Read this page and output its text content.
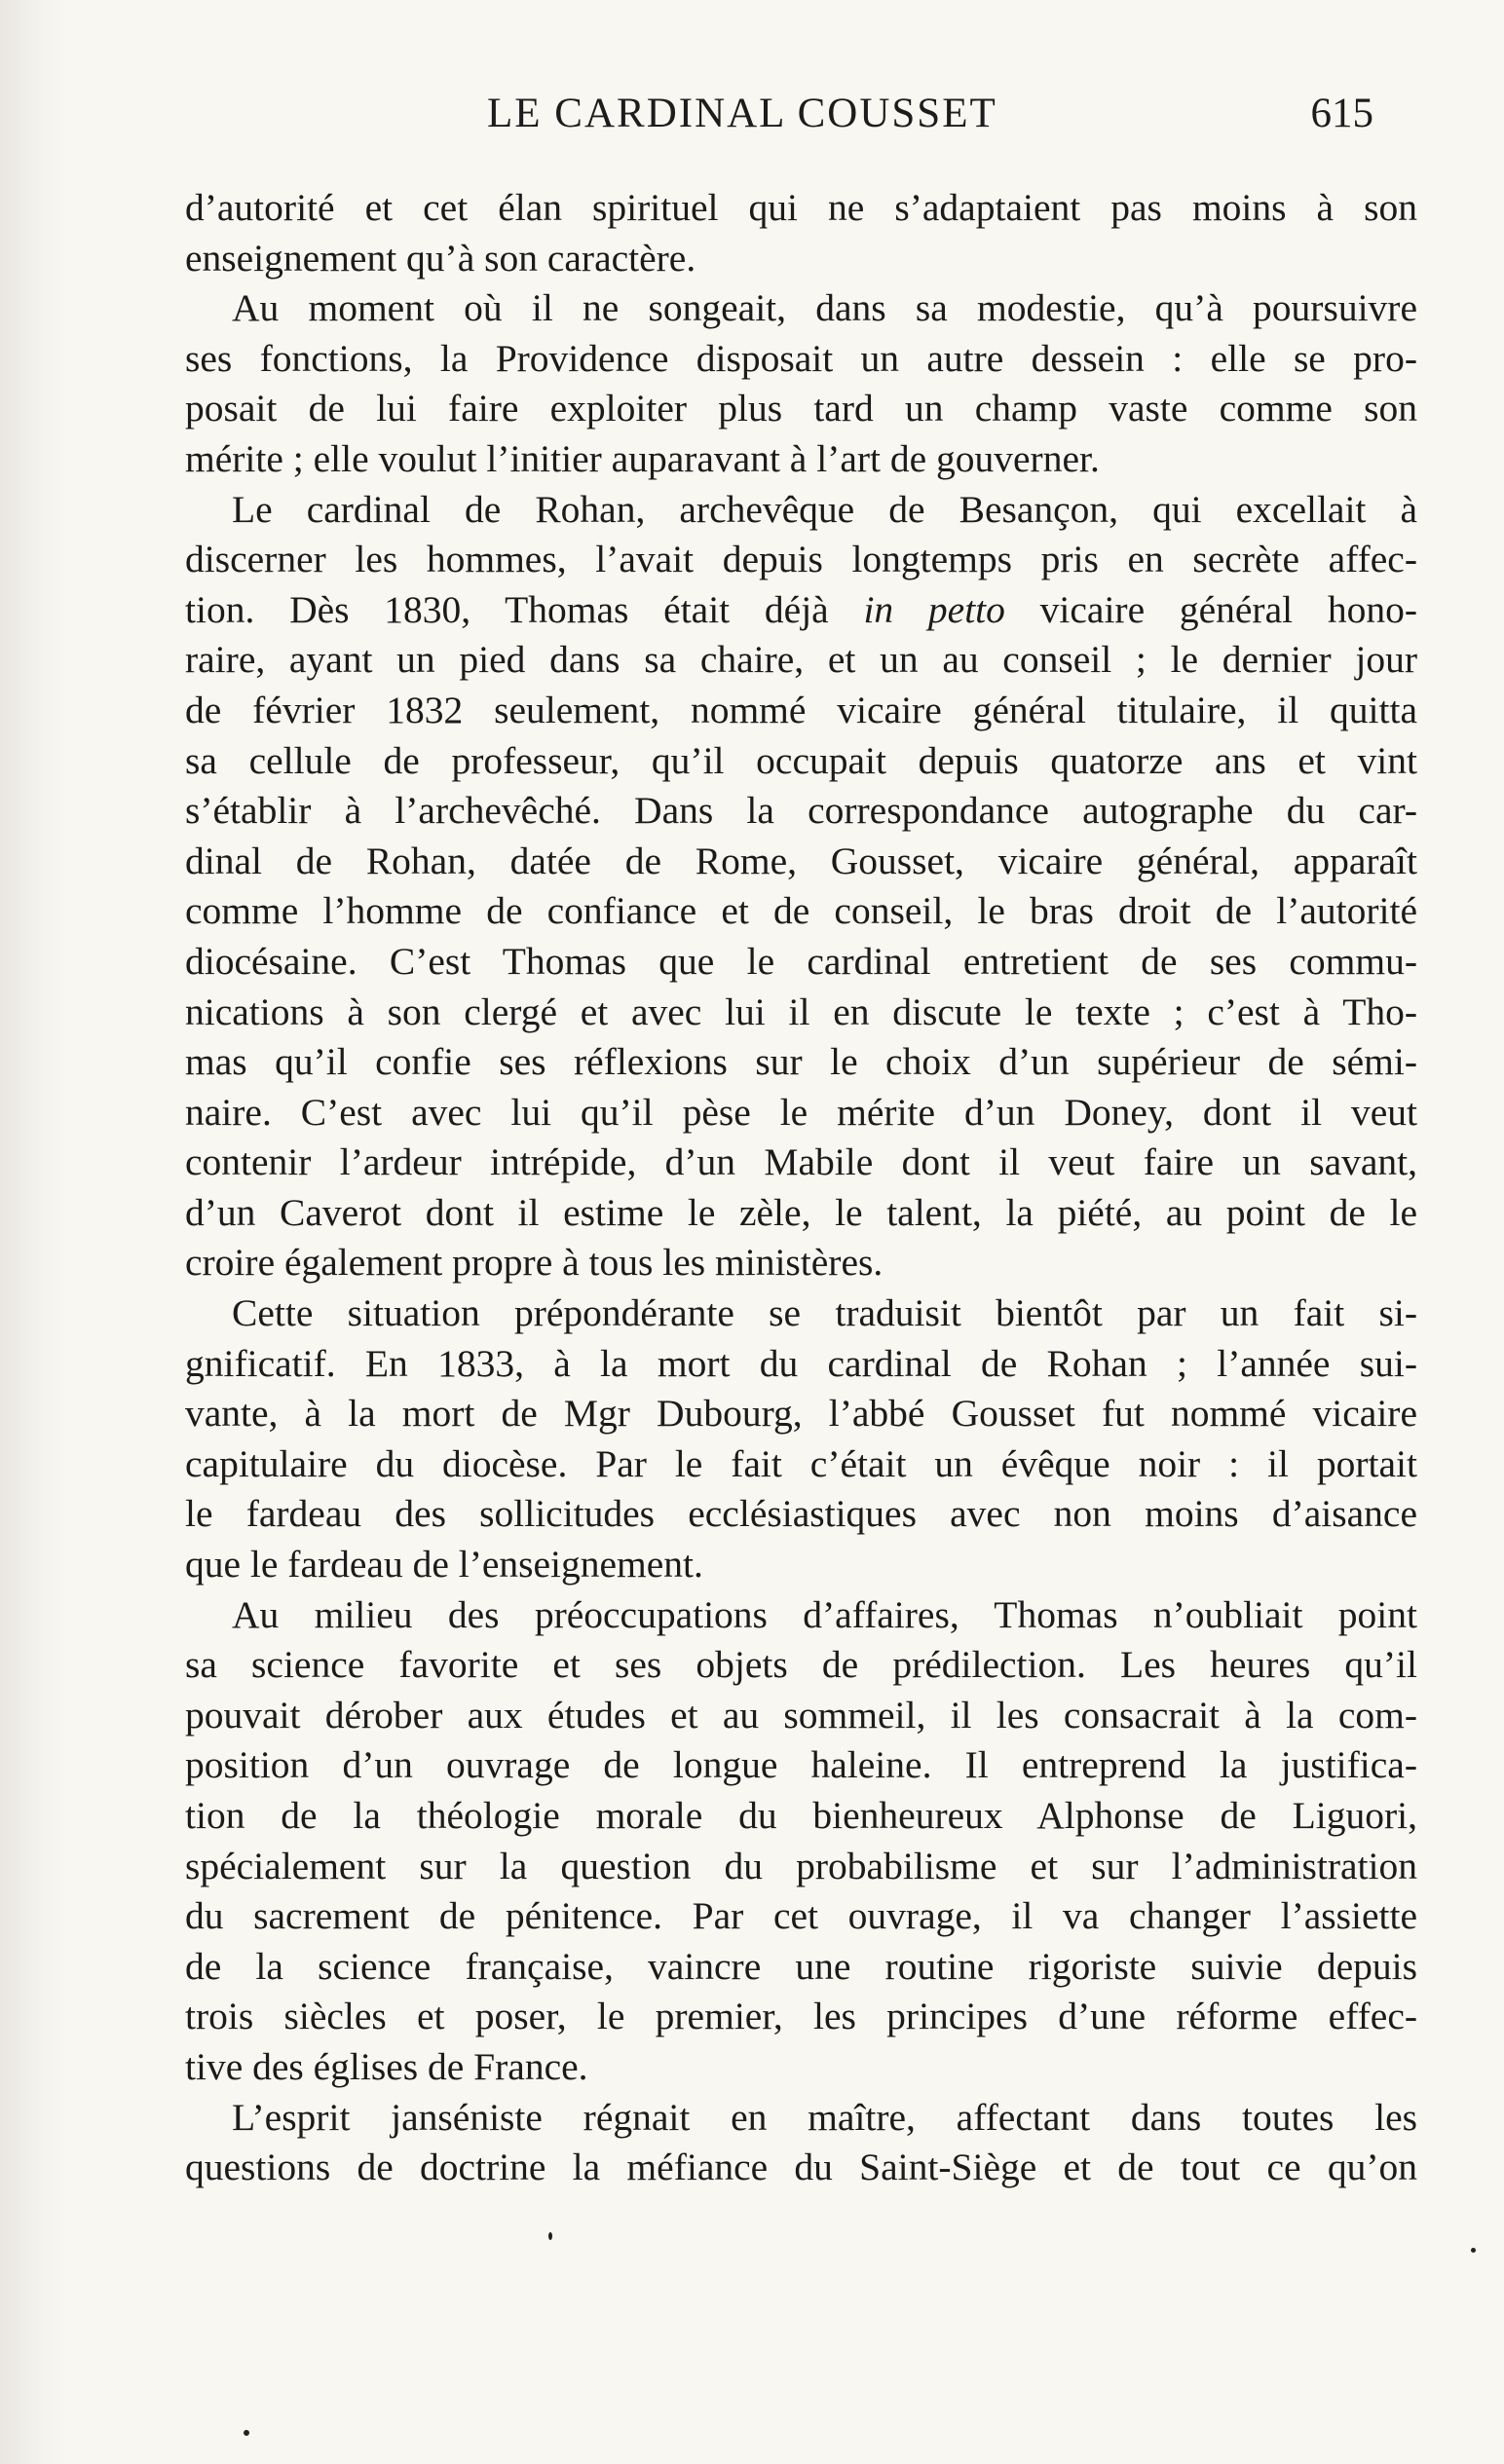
LE CARDINAL COUSSET	615
d’autorité et cet élan spirituel qui ne s’adaptaient pas moins à son
enseignement qu’à son caractère.
Au moment où il ne songeait, dans sa modestie, qu’à poursuivre
ses fonctions, la Providence disposait un autre dessein : elle se pro-
posait de lui faire exploiter plus tard un champ vaste comme son
mérite ; elle voulut l’initier auparavant à l’art de gouverner.
Le cardinal de Rohan, archevêque de Besançon, qui excellait à
discerner les hommes, l’avait depuis longtemps pris en secrète affec-
tion. Dès 1830, Thomas était déjà in petto vicaire général hono-
raire, ayant un pied dans sa chaire, et un au conseil ; le dernier jour
de février 1832 seulement, nommé vicaire général titulaire, il quitta
sa cellule de professeur, qu’il occupait depuis quatorze ans et vint
s’établir à l’archevêché. Dans la correspondance autographe du car-
dinal de Rohan, datée de Rome, Gousset, vicaire général, apparaît
comme l’homme de confiance et de conseil, le bras droit de l’autorité
diocésaine. C’est Thomas que le cardinal entretient de ses commu-
nications à son clergé et avec lui il en discute le texte ; c’est à Tho-
mas qu’il confie ses réflexions sur le choix d’un supérieur de sémi-
naire. C’est avec lui qu’il pèse le mérite d’un Doney, dont il veut
contenir l’ardeur intrépide, d’un Mabile dont il veut faire un savant,
d’un Caverot dont il estime le zèle, le talent, la piété, au point de le
croire également propre à tous les ministères.
Cette situation prépondérante se traduisit bientôt par un fait si-
gnificatif. En 1833, à la mort du cardinal de Rohan ; l’année sui-
vante, à la mort de Mgr Dubourg, l’abbé Gousset fut nommé vicaire
capitulaire du diocèse. Par le fait c’était un évêque noir : il portait
le fardeau des sollicitudes ecclésiastiques avec non moins d’aisance
que le fardeau de l’enseignement.
Au milieu des préoccupations d’affaires, Thomas n’oubliait point
sa science favorite et ses objets de prédilection. Les heures qu’il
pouvait dérober aux études et au sommeil, il les consacrait à la com-
position d’un ouvrage de longue haleine. Il entreprend la justifica-
tion de la théologie morale du bienheureux Alphonse de Liguori,
spécialement sur la question du probabilisme et sur l’administration
du sacrement de pénitence. Par cet ouvrage, il va changer l’assiette
de la science française, vaincre une routine rigoriste suivie depuis
trois siècles et poser, le premier, les principes d’une réforme effec-
tive des églises de France.
L’esprit janséniste régnait en maître, affectant dans toutes les
questions de doctrine la méfiance du Saint-Siège et de tout ce qu’on
